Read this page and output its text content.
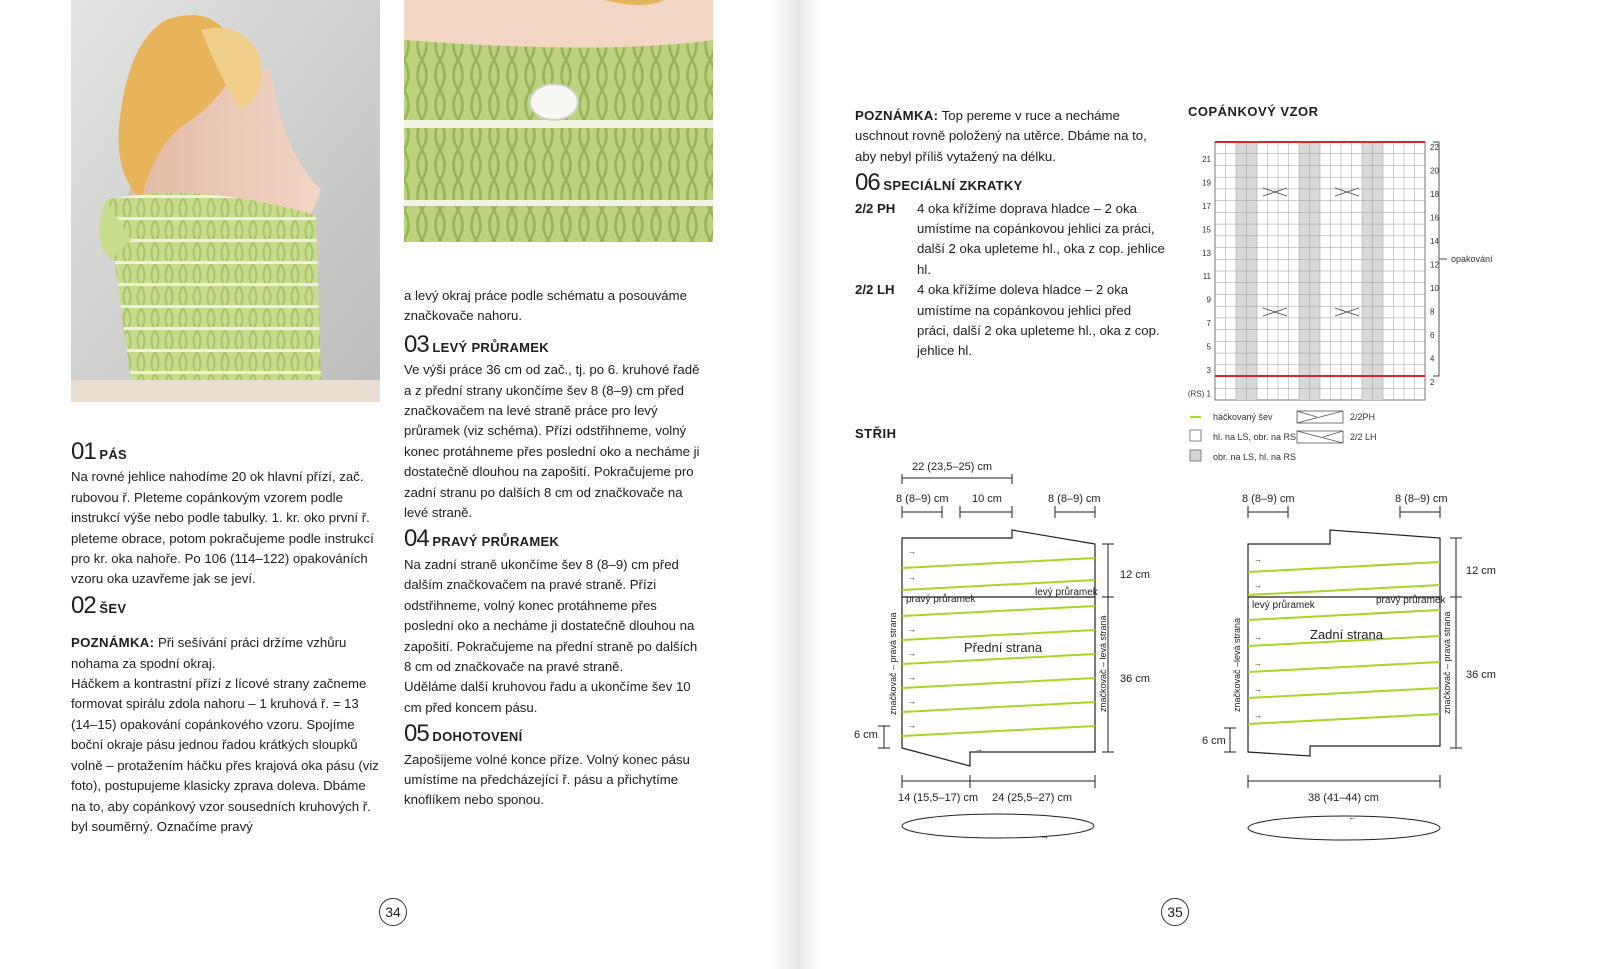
01 PÁS

Na rovné jehlice nahodíme 20 ok hlavní přízí, zač. rubovou ř. Pleteme copánkovým vzorem podle instrukcí výše nebo podle tabulky. 1. kr. oko první ř. pleteme obrace, potom pokračujeme podle instrukcí pro kr. oka nahoře. Po 106 (114–122) opakováních vzoru oka uzavřeme jak se jeví.

02 ŠEV

POZNÁMKA: Při sešívání práci držíme vzhůru nohama za spodní okraj.

Háčkem a kontrastní přízí z lícové strany začneme formovat spirálu zdola nahoru – 1 kruhová ř. = 13 (14–15) opakování copánkového vzoru. Spojíme boční okraje pásu jednou řadou krátkých sloupků volně – protažením háčku přes krajová oka pásu (viz foto), postupujeme klasicky zprava doleva. Dbáme na to, aby copánkový vzor sousedních kruhových ř. byl souměrný. Označíme pravý

a levý okraj práce podle schématu a posouváme značkovače nahoru.

03 LEVÝ PRŮRAMEK

Ve výši práce 36 cm od zač., tj. po 6. kruhové řadě a z přední strany ukončíme šev 8 (8–9) cm před značkovačem na levé straně práce pro levý průramek (viz schéma). Přízi odstřihneme, volný konec protáhneme přes poslední oko a necháme ji dostatečně dlouhou na zapošití. Pokračujeme pro zadní stranu po dalších 8 cm od značkovače na levé straně.

04 PRAVÝ PRŮRAMEK

Na zadní straně ukončíme šev 8 (8–9) cm před dalším značkovačem na pravé straně. Přízi odstřihneme, volný konec protáhneme přes poslední oko a necháme ji dostatečně dlouhou na zapošití. Pokračujeme na přední straně po dalších 8 cm od značkovače na pravé straně.

Uděláme další kruhovou řadu a ukončíme šev 10 cm před koncem pásu.

05 DOHOTOVENÍ

Zapošijeme volné konce příze. Volný konec pásu umístíme na předcházející ř. pásu a přichytíme knoflíkem nebo sponou.

34

POZNÁMKA: Top pereme v ruce a necháme uschnout rovně položený na utěrce. Dbáme na to, aby nebyl příliš vytažený na délku.

06 SPECIÁLNÍ ZKRATKY
2/2 PH	4 oka křížíme doprava hladce – 2 oka umístíme na copánkovou jehlici za práci, další 2 oka upleteme hl., oka z cop. jehlice hl.
2/2 LH	4 oka křížíme doleva hladce – 2 oka umístíme na copánkovou jehlici před práci, další 2 oka upleteme hl., oka z cop. jehlice hl.
STŘIH
COPÁNKOVÝ VZOR
opakování
21
19
17
15
13
11
9
7
5
3
(RS) 1
22
20
18
16
14
12
10
8
6
4
2
háčkovaný šev
hl. na LS, obr. na RS
obr. na LS, hl. na RS
2/2PH
2/2 LH
22 (23,5–25) cm
8 (8–9) cm 10 cm	8 (8–9) cm
→
→
→
→
→
→
→
→
pravý průramek
levý průramek
Přední strana
značkovač – pravá strana	značkovač – levá strana
12 cm
36 cm
6 cm
14 (15,5–17) cm 24 (25,5–27) cm
→
8 (8–9) cm	8 (8–9) cm
→
→
→
→
→
→
levý průramek	pravý průramek
Zadní strana
značkovač –levá strana	značkovač – pravá strana
12 cm
36 cm
6 cm
38 (41–44) cm
←
35
